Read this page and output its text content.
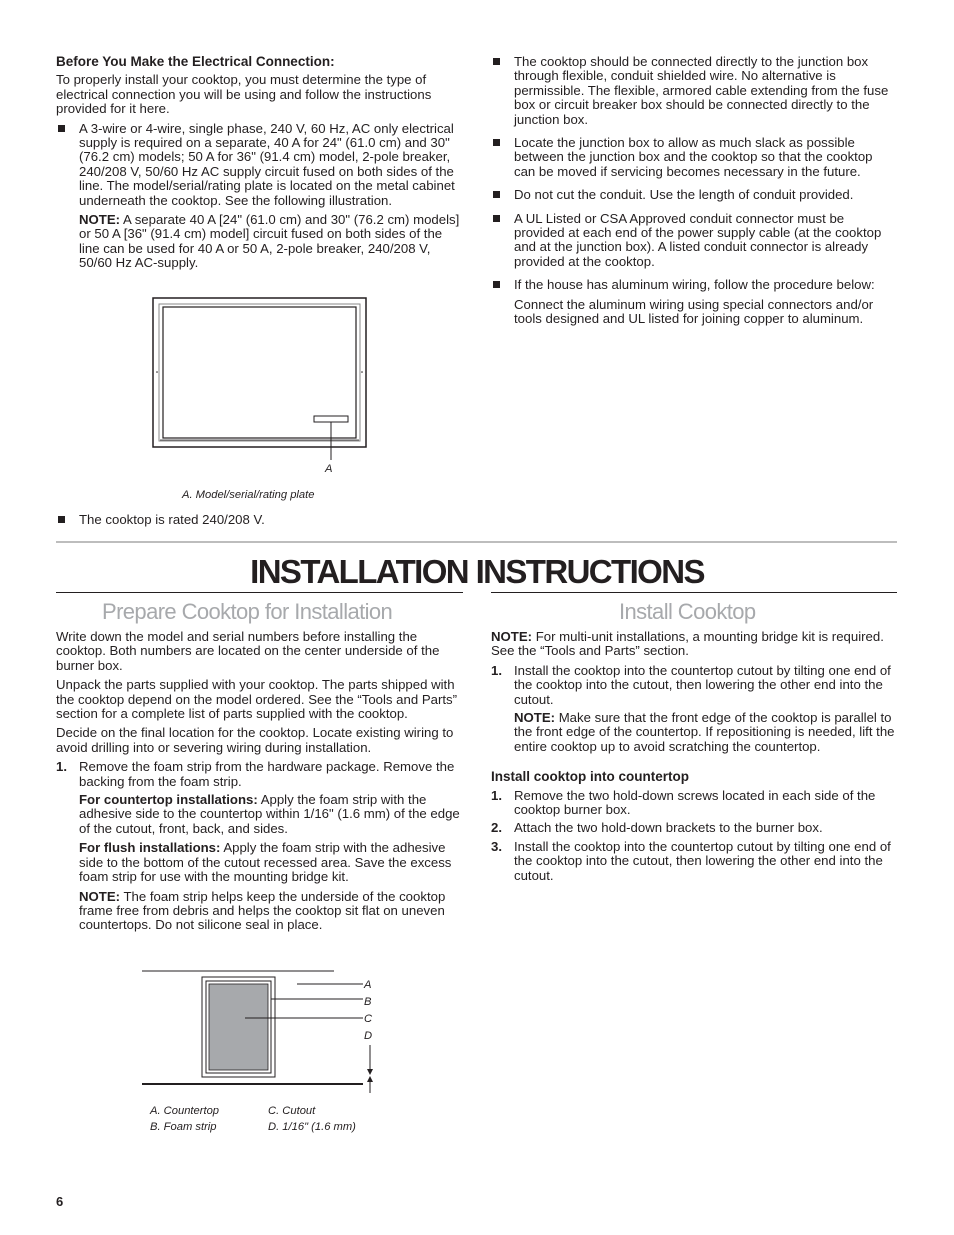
Before You Make the Electrical Connection:

To properly install your cooktop, you must determine the type of electrical connection you will be using and follow the instructions provided for it here.

A 3-wire or 4-wire, single phase, 240 V, 60 Hz, AC only electrical supply is required on a separate, 40 A for 24" (61.0 cm) and 30" (76.2 cm) models; 50 A for 36" (91.4 cm) model, 2-pole breaker, 240/208 V, 50/60 Hz AC supply circuit fused on both sides of the line. The model/serial/rating plate is located on the metal cabinet underneath the cooktop. See the following illustration.

NOTE: A separate 40 A [24" (61.0 cm) and 30" (76.2 cm) models] or 50 A [36" (91.4 cm) model] circuit fused on both sides of the line can be used for 40 A or 50 A, 2-pole breaker, 240/208 V, 50/60 Hz AC-supply.

A
A. Model/serial/rating plate
The cooktop is rated 240/208 V.
The cooktop should be connected directly to the junction box through flexible, conduit shielded wire. No alternative is permissible. The flexible, armored cable extending from the fuse box or circuit breaker box should be connected directly to the junction box.
Locate the junction box to allow as much slack as possible between the junction box and the cooktop so that the cooktop can be moved if servicing becomes necessary in the future.
Do not cut the conduit. Use the length of conduit provided.
A UL Listed or CSA Approved conduit connector must be provided at each end of the power supply cable (at the cooktop and at the junction box). A listed conduit connector is already provided at the cooktop.
If the house has aluminum wiring, follow the procedure below:

Connect the aluminum wiring using special connectors and/or tools designed and UL listed for joining copper to aluminum.

INSTALLATION INSTRUCTIONS
Prepare Cooktop for Installation	Install Cooktop

Write down the model and serial numbers before installing the cooktop. Both numbers are located on the center underside of the burner box.

Unpack the parts supplied with your cooktop. The parts shipped with the cooktop depend on the model ordered. See the “Tools and Parts” section for a complete list of parts supplied with the cooktop.

Decide on the final location for the cooktop. Locate existing wiring to avoid drilling into or severing wiring during installation.

1. Remove the foam strip from the hardware package. Remove the backing from the foam strip.

For countertop installations: Apply the foam strip with the adhesive side to the countertop within 1/16" (1.6 mm) of the edge of the cutout, front, back, and sides.

For flush installations: Apply the foam strip with the adhesive side to the bottom of the cutout recessed area. Save the excess foam strip for use with the mounting bridge kit.

NOTE: The foam strip helps keep the underside of the cooktop frame free from debris and helps the cooktop sit flat on uneven countertops. Do not silicone seal in place.

A
B
C
D
A. Countertop
B. Foam strip
C. Cutout
D. 1/16" (1.6 mm)

NOTE: For multi-unit installations, a mounting bridge kit is required. See the “Tools and Parts” section.

1. Install the cooktop into the countertop cutout by tilting one end of the cooktop into the cutout, then lowering the other end into the cutout.

NOTE: Make sure that the front edge of the cooktop is parallel to the front edge of the countertop. If repositioning is needed, lift the entire cooktop up to avoid scratching the countertop.

Install cooktop into countertop
1. Remove the two hold-down screws located in each side of the cooktop burner box.
2. Attach the two hold-down brackets to the burner box.
3. Install the cooktop into the countertop cutout by tilting one end of the cooktop into the cutout, then lowering the other end into the cutout.
6
